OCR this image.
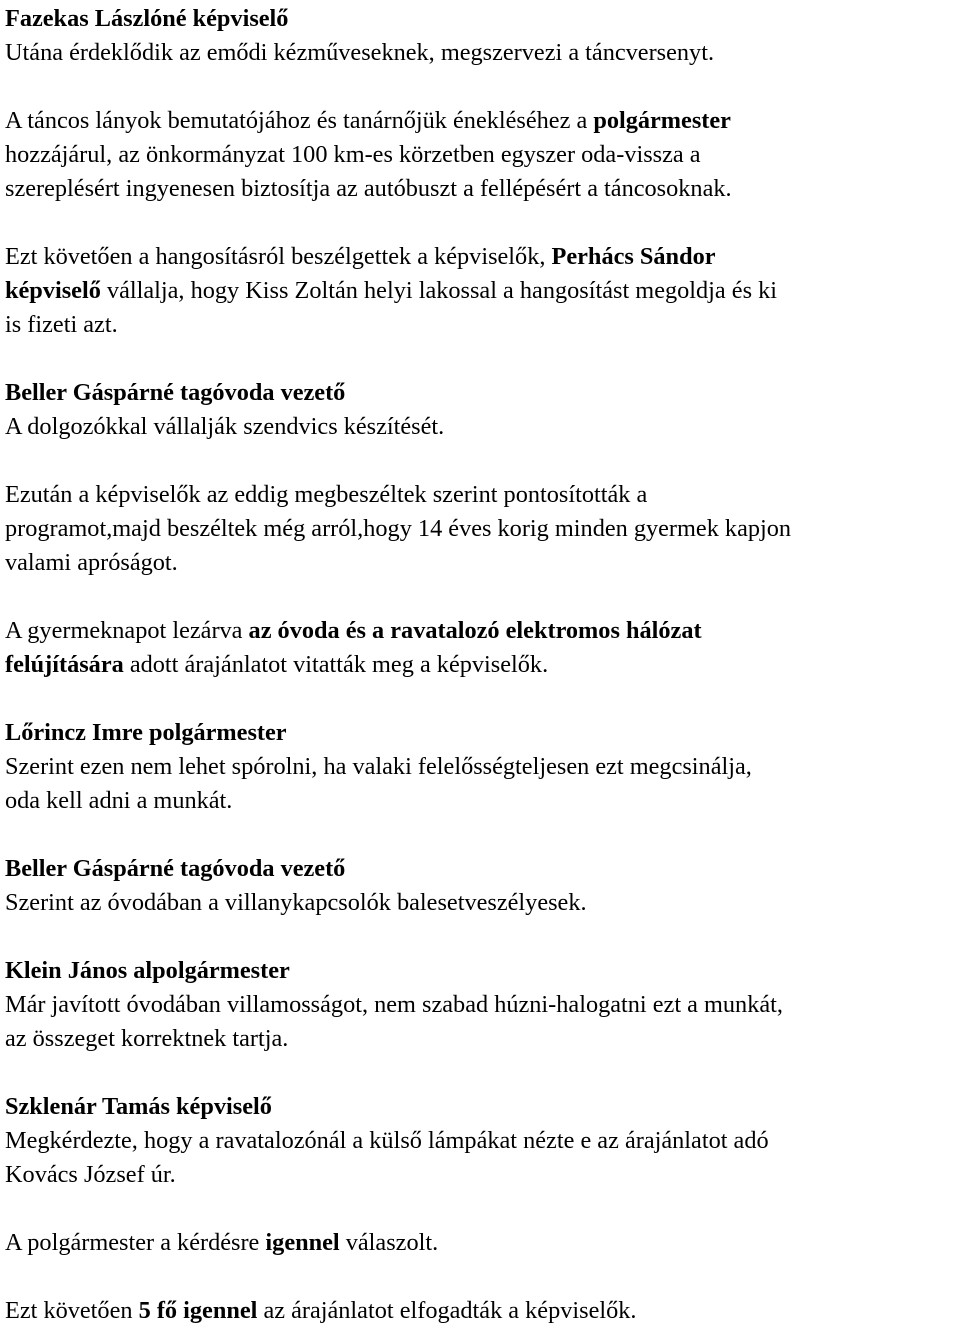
Fazekas Lászlóné képviselő
Utána érdeklődik az emődi kézműveseknek, megszervezi a táncversenyt.
A táncos lányok bemutatójához és tanárnőjük énekléséhez a polgármester
hozzájárul, az önkormányzat 100 km-es körzetben egyszer oda-vissza a
szereplésért ingyenesen biztosítja az autóbuszt a fellépésért a táncosoknak.
Ezt követően a hangosításról beszélgettek a képviselők, Perhács Sándor
képviselő vállalja, hogy Kiss Zoltán helyi lakossal a hangosítást megoldja és ki
is fizeti azt.
Beller Gáspárné tagóvoda vezető
A dolgozókkal vállalják szendvics készítését.
Ezután a képviselők az eddig megbeszéltek szerint pontosították a
programot,majd beszéltek még arról,hogy 14 éves korig minden gyermek kapjon
valami apróságot.
A gyermeknapot lezárva az óvoda és a ravatalozó elektromos hálózat
felújítására adott árajánlatot vitatták meg a képviselők.
Lőrincz Imre polgármester
Szerint ezen nem lehet spórolni, ha valaki felelősségteljesen ezt megcsinálja,
oda kell adni a munkát.
Beller Gáspárné tagóvoda vezető
Szerint az óvodában a villanykapcsolók balesetveszélyesek.
Klein János alpolgármester
Már javított óvodában villamosságot, nem szabad húzni-halogatni ezt a munkát,
az összeget korrektnek tartja.
Szklenár Tamás képviselő
Megkérdezte, hogy a ravatalozónál a külső lámpákat nézte e az árajánlatot adó
Kovács József úr.
A polgármester a kérdésre igennel válaszolt.
Ezt követően 5 fő igennel az árajánlatot elfogadták a képviselők.
